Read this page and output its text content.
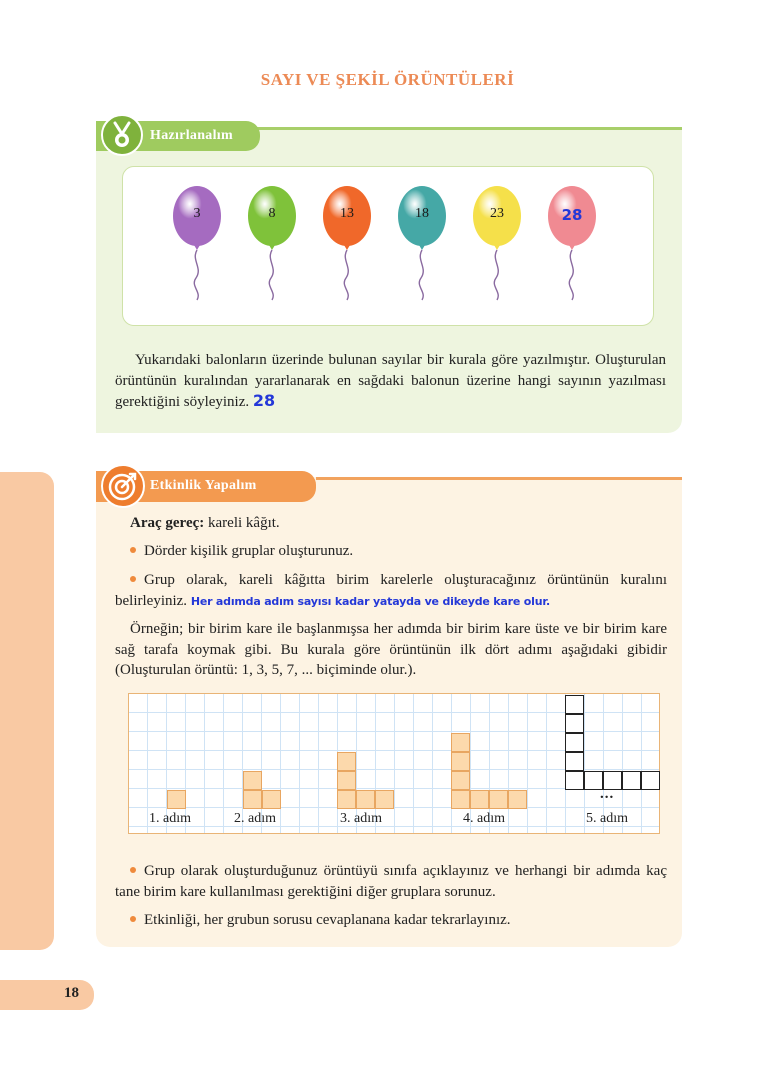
SAYI VE ŞEKİL ÖRÜNTÜLERİ
Hazırlanalım
3	8	13	18	23	28
Yukarıdaki balonların üzerinde bulunan sayılar bir kurala göre yazılmıştır. Oluşturulan örüntünün kuralından yararlanarak en sağdaki balonun üzerine hangi sayının yazılması gerektiğini söyleyiniz. 28
Etkinlik Yapalım
Araç gereç: kareli kâğıt.
Dörder kişilik gruplar oluşturunuz.
Grup olarak, kareli kâğıtta birim karelerle oluşturacağınız örüntünün kuralını belirleyiniz. Her adımda adım sayısı kadar yatayda ve dikeyde kare olur.
Örneğin; bir birim kare ile başlanmışsa her adımda bir birim kare üste ve bir birim kare sağ tarafa koymak gibi. Bu kurala göre örüntünün ilk dört adımı aşağıdaki gibidir (Oluşturulan örüntü: 1, 3, 5, 7, ... biçiminde olur.).
1. adım	2. adım	3. adım	4. adım	5. adım
...
Grup olarak oluşturduğunuz örüntüyü sınıfa açıklayınız ve herhangi bir adımda kaç tane birim kare kullanılması gerektiğini diğer gruplara sorunuz.
Etkinliği, her grubun sorusu cevaplanana kadar tekrarlayınız.
18
